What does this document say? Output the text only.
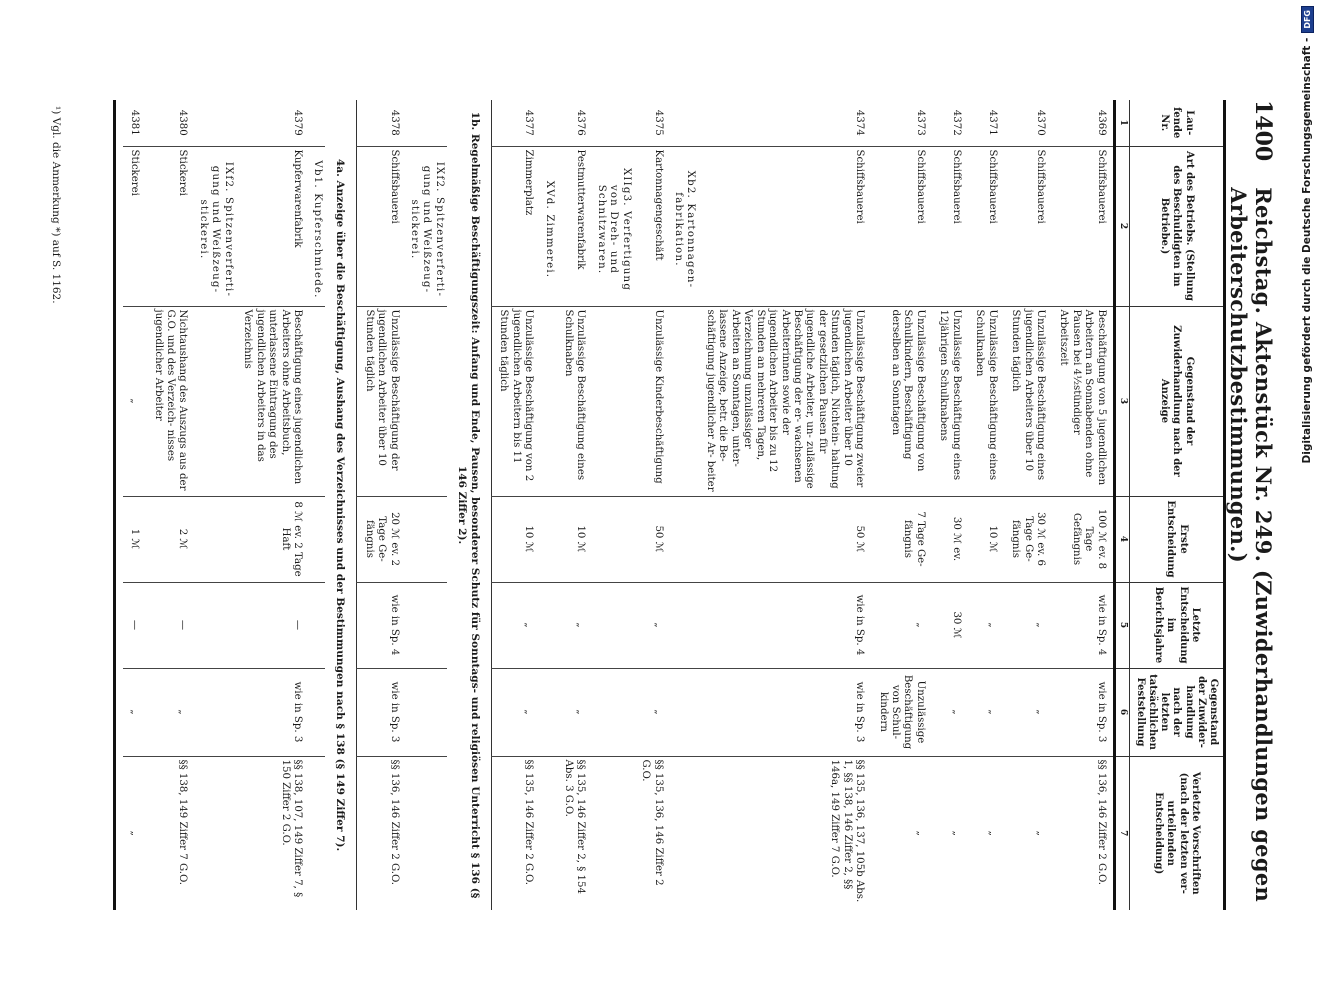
1400
Reichstag. Aktenstück Nr. 249. (Zuwiderhandlungen gegen Arbeiterschutzbestimmungen.)
Lau- fende Nr.	Art des Betriebs. (Stellung des Beschuldigten im Betriebe.)	Gegenstand der Zuwiderhandlung nach der Anzeige	Erste Entscheidung	Letzte Entscheidung im Berichtsjahre	Gegenstand der Zuwider- handlung nach der letzten tatsächlichen Feststellung	Verletzte Vorschriften (nach der letzten ver- urteilenden Entscheidung)
1	2	3	4	5	6	7
4369	Schiffsbauerei	Beschäftigung von 5 jugendlichen Arbeitern an Sonnabenden ohne Pausen bei 4½stündiger Arbeitszeit	100 ℳ ev. 8 Tage Gefängnis	wie in Sp. 4	wie in Sp. 3	§§ 136, 146 Ziffer 2 G.O.
4370	Schiffsbauerei	Unzulässige Beschäftigung eines jugendlichen Arbeiters über 10 Stunden täglich	30 ℳ ev. 6 Tage Ge- fängnis	„	„	„
4371	Schiffsbauerei	Unzulässige Beschäftigung eines Schulknaben	10 ℳ	„	„	„
4372	Schiffsbauerei	Unzulässige Beschäftigung eines 12jährigen Schulknabens	30 ℳ ev.	30 ℳ	„	„
4373	Schiffsbauerei	Unzulässige Beschäftigung von Schulkindern, Beschäftigung derselben an Sonntagen	7 Tage Ge- fängnis	„	Unzulässige Beschäftigung von Schul- kindern	„
4374	Schiffsbauerei	Unzulässige Beschäftigung zweier jugendlichen Arbeiter über 10 Stunden täglich, Nichtein- haltung der gesetzlichen Pausen für jugendliche Arbeiter, un- zulässige Beschäftigung der er- wachsenen Arbeiterinnen sowie der jugendlichen Arbeiter bis zu 12 Stunden an mehreren Tagen, Verzeichnung unzulässiger Arbeiten an Sonntagen, unter- lassene Anzeige, betr. die Be- schäftigung jugendlicher Ar- beiter	50 ℳ	wie in Sp. 4	wie in Sp. 3	§§ 135, 136, 137, 105b Abs. 1, §§ 138, 146 Ziffer 2, §§ 146a, 149 Ziffer 7 G.O.
	Xb2. Kartonnagen- fabrikation.					
4375	Kartonnagengeschäft	Unzulässige Kinderbeschäftigung	50 ℳ	„	„	§§ 135, 136, 146 Ziffer 2 G.O.
	XIIg3. Verfertigung von Dreh- und Schnitzwaren.					
4376	Pestmutterwarenfabrik	Unzulässige Beschäftigung eines Schulknaben	10 ℳ	„	„	§§ 135, 146 Ziffer 2, § 154 Abs. 3 G.O.
	XVd. Zimmerei.					
4377	Zimmerplatz	Unzulässige Beschäftigung von 2 jugendlichen Arbeitern bis 11 Stunden täglich	10 ℳ	„	„	§§ 135, 146 Ziffer 2 G.O.
1b. Regelmäßige Beschäftigungszeit: Anfang und Ende, Pausen, besonderer Schutz für Sonntags- und religiösen Unterricht § 136 (§ 146 Ziffer 2).						
	IXf2. Spitzenverferti- gung und Weißzeug- stickerei.					
4378	Schiffsbauerei	Unzulässige Beschäftigung der jugendlichen Arbeiter über 10 Stunden täglich	20 ℳ ev. 2 Tage Ge- fängnis	wie in Sp. 4	wie in Sp. 3	§§ 136, 146 Ziffer 2 G.O.
4a. Anzeige über die Beschäftigung, Aushang des Verzeichnisses und der Bestimmungen nach § 138 (§ 149 Ziffer 7).						
	Vb1. Kupferschmiede.					
4379	Kupferwarenfabrik	Beschäftigung eines jugendlichen Arbeiters ohne Arbeitsbuch, unterlassene Eintragung des jugendlichen Arbeiters in das Verzeichnis	8 ℳ ev. 2 Tage Haft	—	wie in Sp. 3	§§ 138, 107, 149 Ziffer 7, § 150 Ziffer 2 G.O.
	IXf2. Spitzenverferti- gung und Weißzeug- stickerei.					
4380	Stickerei	Nichtaushang des Auszugs aus der G.O. und des Verzeich- nisses jugendlicher Arbeiter	2 ℳ	—	„	§§ 138, 149 Ziffer 7 G.O.
4381	Stickerei	„	1 ℳ	—	„	„
¹) Vgl. die Anmerkung *) auf S. 1162.	Digitalisierung gefördert durch die Deutsche Forschungsgemeinschaft -
DFG
